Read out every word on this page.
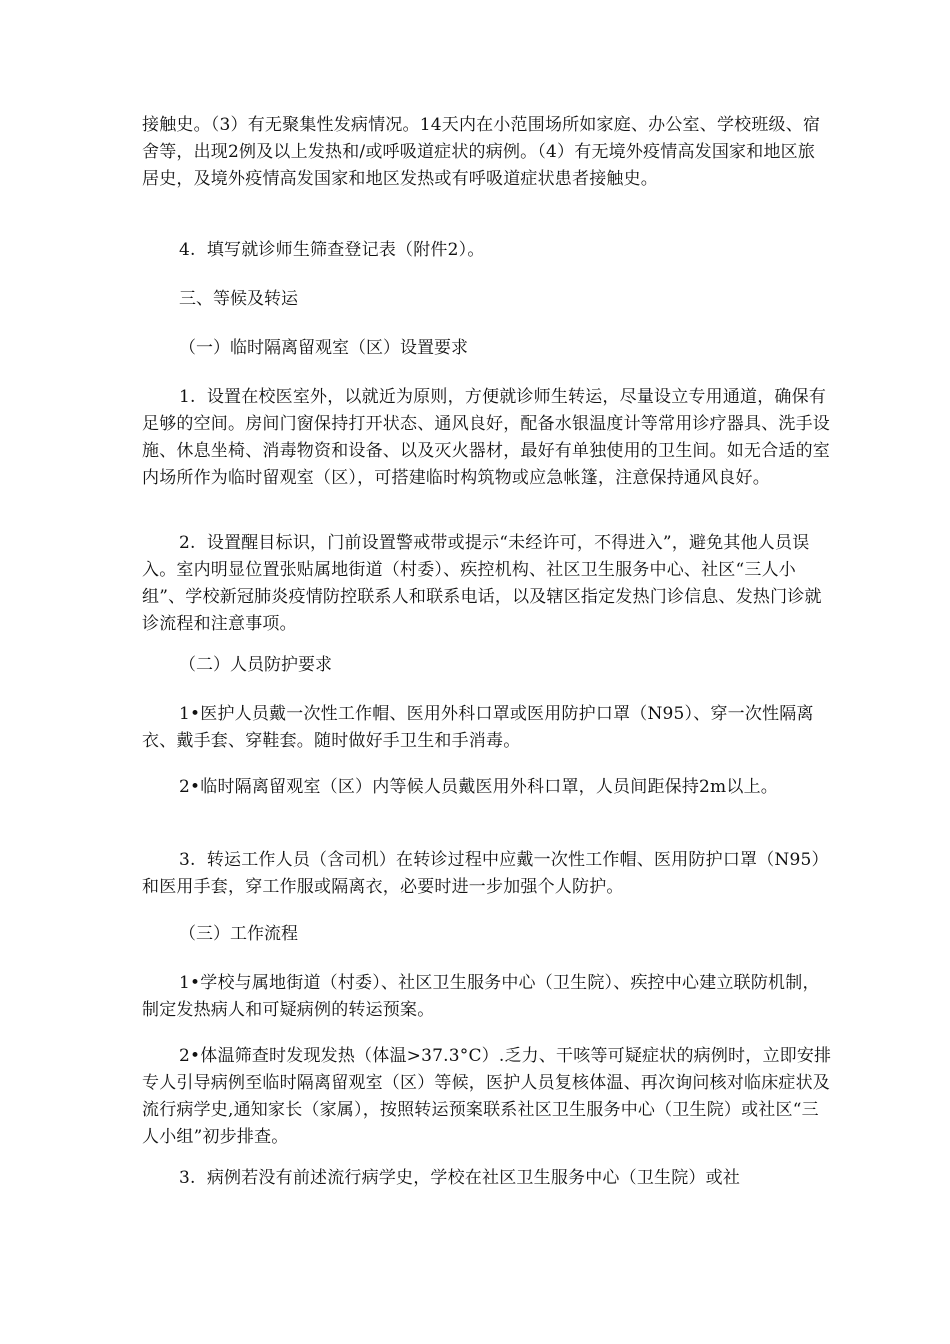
接触史。（3）有无聚集性发病情况。14天内在小范围场所如家庭、办公室、学校班级、宿舍等，出现2例及以上发热和/或呼吸道症状的病例。（4）有无境外疫情高发国家和地区旅居史，及境外疫情高发国家和地区发热或有呼吸道症状患者接触史。

4.  填写就诊师生筛查登记表（附件2）。

三、等候及转运

（一）临时隔离留观室（区）设置要求

1.  设置在校医室外，以就近为原则，方便就诊师生转运，尽量设立专用通道，确保有足够的空间。房间门窗保持打开状态、通风良好，配备水银温度计等常用诊疗器具、洗手设施、休息坐椅、消毒物资和设备、以及灭火器材，最好有单独使用的卫生间。如无合适的室内场所作为临时留观室（区），可搭建临时构筑物或应急帐篷，注意保持通风良好。

2.  设置醒目标识，门前设置警戒带或提示“未经许可，不得进入”，避免其他人员误入。室内明显位置张贴属地街道（村委）、疾控机构、社区卫生服务中心、社区“三人小组”、学校新冠肺炎疫情防控联系人和联系电话，以及辖区指定发热门诊信息、发热门诊就诊流程和注意事项。

（二）人员防护要求

1•医护人员戴一次性工作帽、医用外科口罩或医用防护口罩（N95）、穿一次性隔离衣、戴手套、穿鞋套。随时做好手卫生和手消毒。

2•临时隔离留观室（区）内等候人员戴医用外科口罩，人员间距保持2m以上。

3.  转运工作人员（含司机）在转诊过程中应戴一次性工作帽、医用防护口罩（N95）和医用手套，穿工作服或隔离衣，必要时进一步加强个人防护。

（三）工作流程

1•学校与属地街道（村委）、社区卫生服务中心（卫生院）、疾控中心建立联防机制，制定发热病人和可疑病例的转运预案。

2•体温筛查时发现发热（体温>37.3°C）.乏力、干咳等可疑症状的病例时，立即安排专人引导病例至临时隔离留观室（区）等候，医护人员复核体温、再次询问核对临床症状及流行病学史,通知家长（家属），按照转运预案联系社区卫生服务中心（卫生院）或社区“三人小组”初步排查。

3.  病例若没有前述流行病学史，学校在社区卫生服务中心（卫生院）或社
